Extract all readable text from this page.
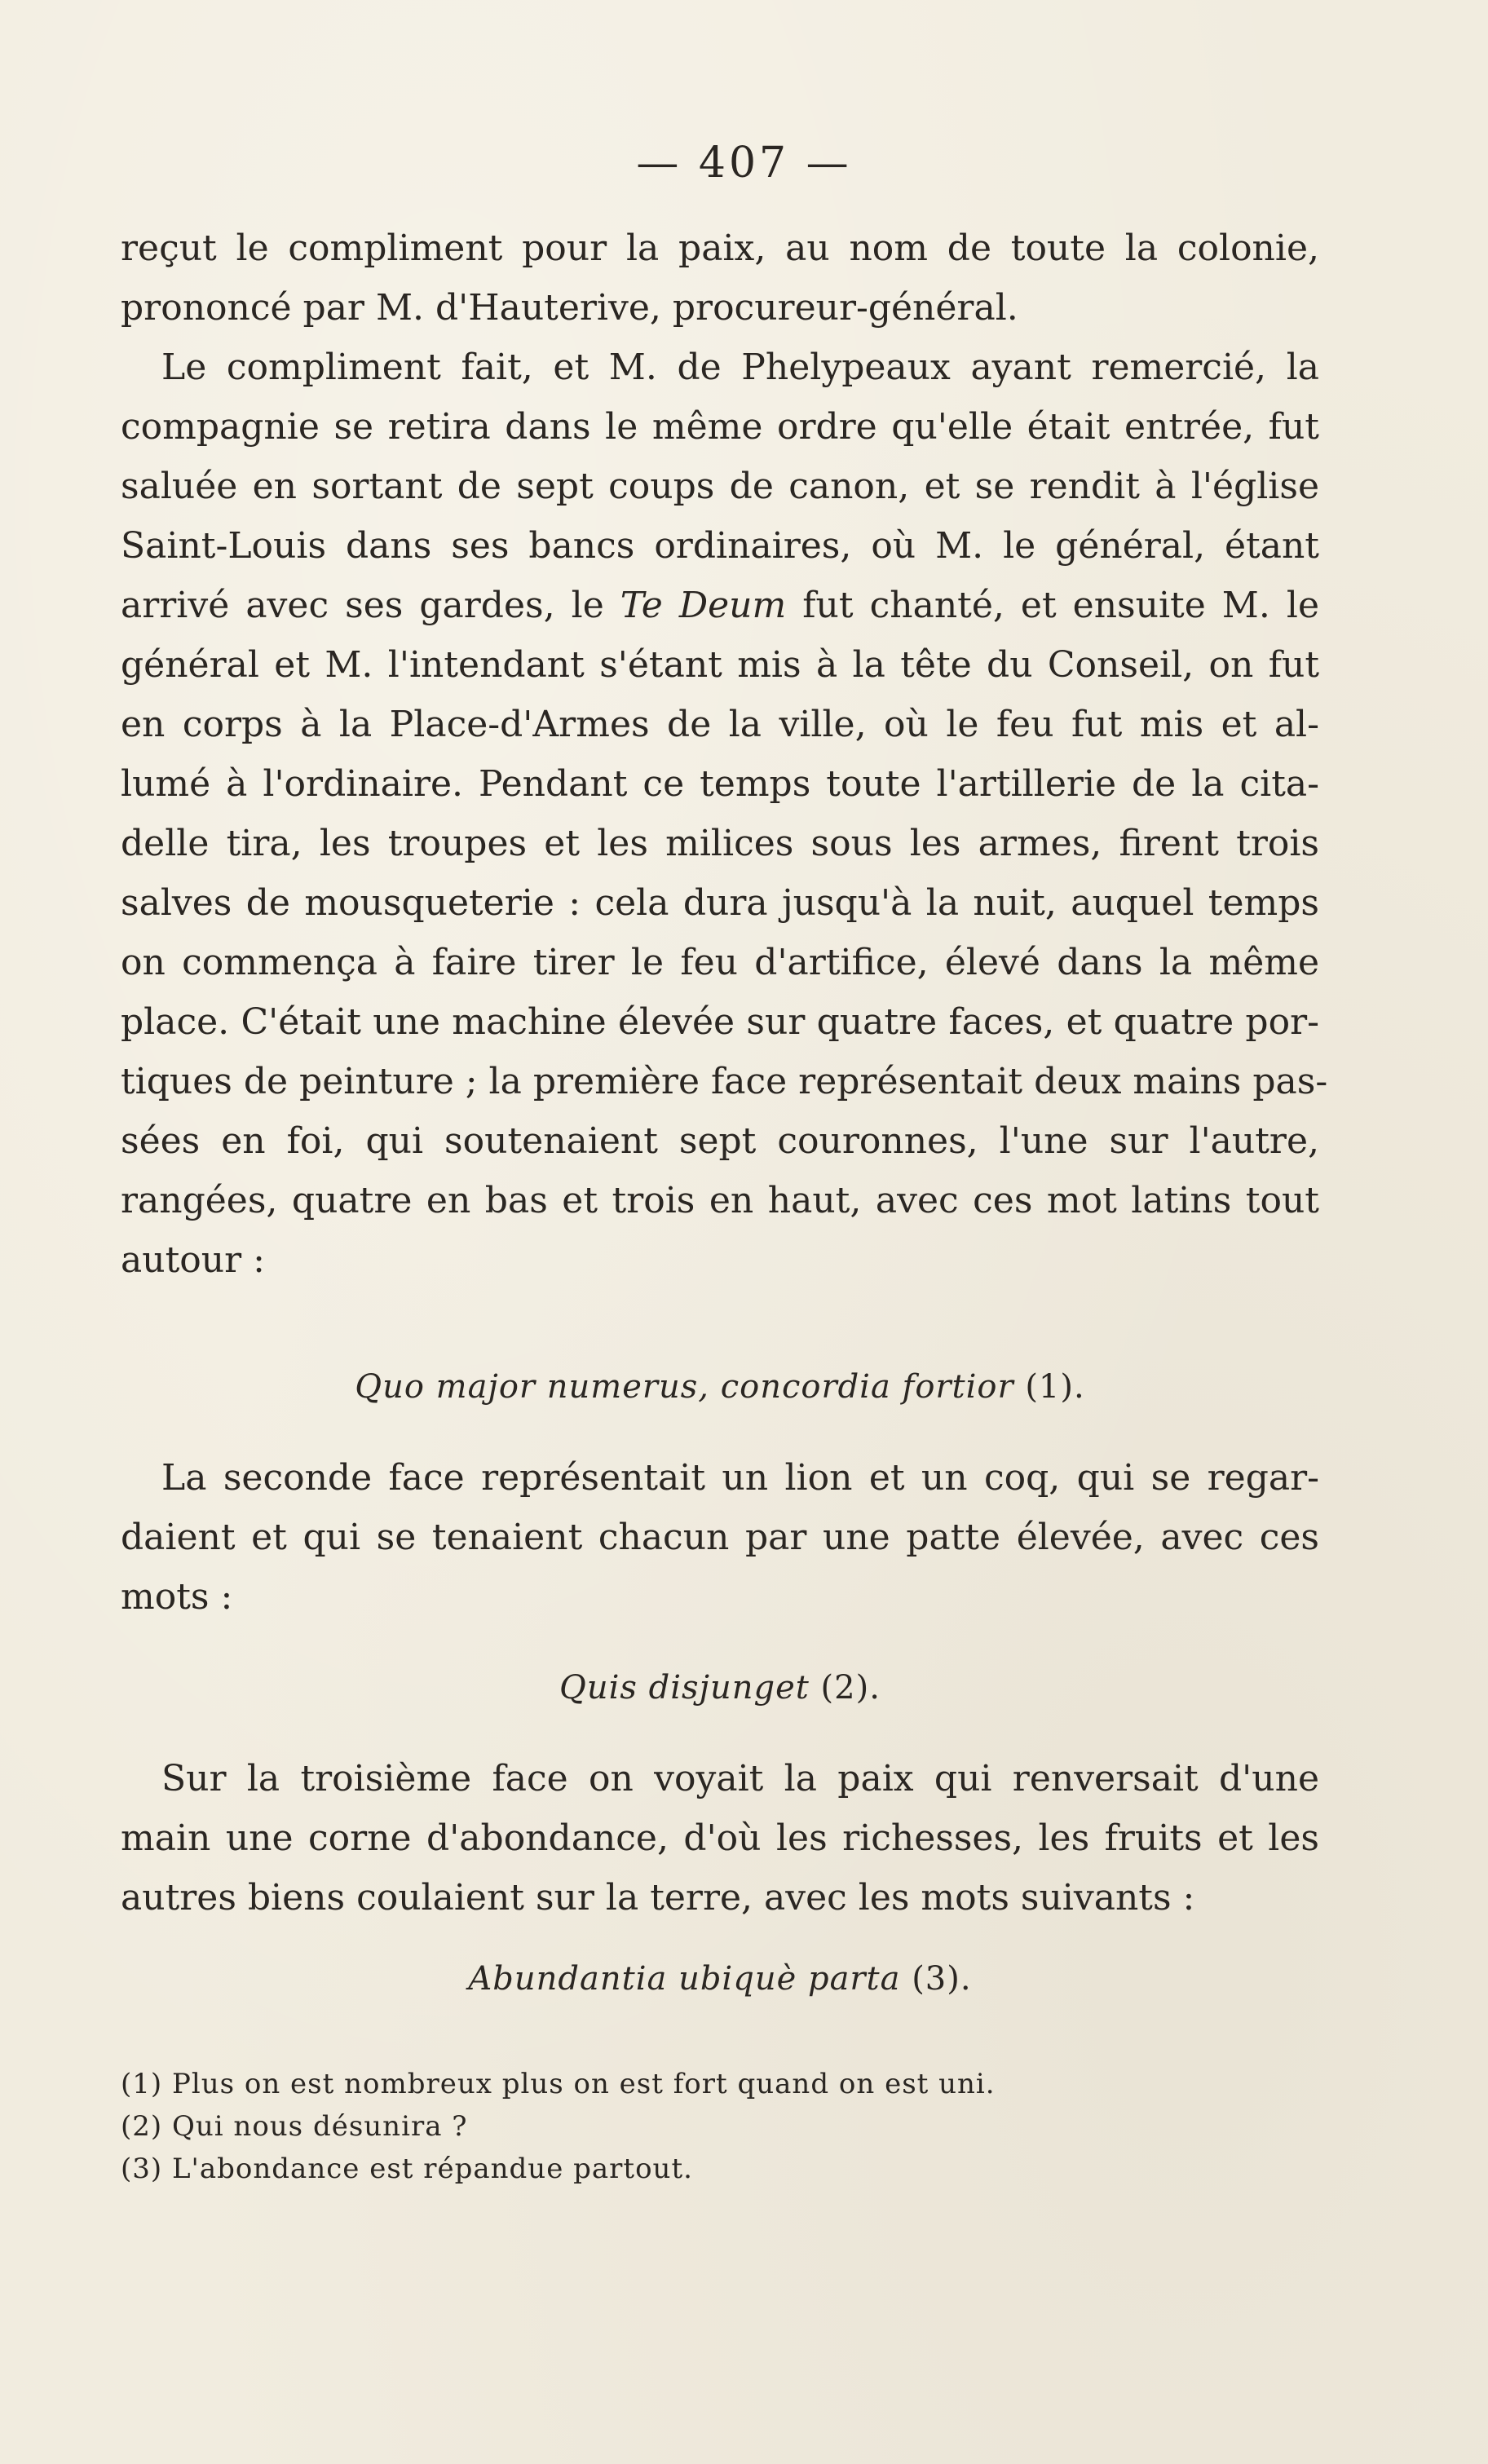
— 407 —
reçut le compliment pour la paix, au nom de toute la colonie,
prononcé par M. d'Hauterive, procureur-général.
Le compliment fait, et M. de Phelypeaux ayant remercié, la
compagnie se retira dans le même ordre qu'elle était entrée, fut
saluée en sortant de sept coups de canon, et se rendit à l'église
Saint-Louis dans ses bancs ordinaires, où M. le général, étant
arrivé avec ses gardes, le Te Deum fut chanté, et ensuite M. le
général et M. l'intendant s'étant mis à la tête du Conseil, on fut
en corps à la Place-d'Armes de la ville, où le feu fut mis et al-
lumé à l'ordinaire. Pendant ce temps toute l'artillerie de la cita-
delle tira, les troupes et les milices sous les armes, firent trois
salves de mousqueterie : cela dura jusqu'à la nuit, auquel temps
on commença à faire tirer le feu d'artifice, élevé dans la même
place. C'était une machine élevée sur quatre faces, et quatre por-
tiques de peinture ; la première face représentait deux mains pas-
sées en foi, qui soutenaient sept couronnes, l'une sur l'autre,
rangées, quatre en bas et trois en haut, avec ces mot latins tout
autour :
Quo major numerus, concordia fortior (1).
La seconde face représentait un lion et un coq, qui se regar-
daient et qui se tenaient chacun par une patte élevée, avec ces
mots :
Quis disjunget (2).
Sur la troisième face on voyait la paix qui renversait d'une
main une corne d'abondance, d'où les richesses, les fruits et les
autres biens coulaient sur la terre, avec les mots suivants :
Abundantia ubiquè parta (3).
(1) Plus on est nombreux plus on est fort quand on est uni.
(2) Qui nous désunira ?
(3) L'abondance est répandue partout.
